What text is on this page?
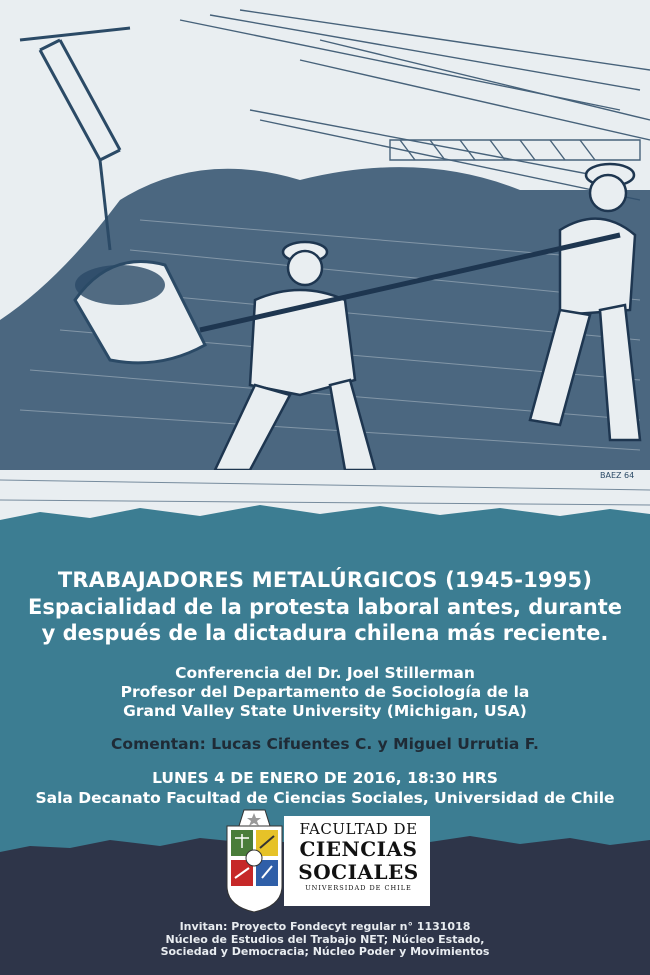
BAEZ 64
TRABAJADORES METALÚRGICOS (1945-1995)
Espacialidad de la protesta laboral antes, durante
y después de la dictadura chilena más reciente.
Conferencia del Dr. Joel Stillerman
Profesor del Departamento de Sociología de la
Grand Valley State University (Michigan, USA)
Comentan: Lucas Cifuentes C. y Miguel Urrutia F.
LUNES 4 DE ENERO DE 2016, 18:30 HRS
Sala Decanato Facultad de Ciencias Sociales, Universidad de Chile
FACULTAD DE
CIENCIAS
SOCIALES
UNIVERSIDAD DE CHILE
Invitan: Proyecto Fondecyt regular n° 1131018
Núcleo de Estudios del Trabajo NET; Núcleo Estado,
Sociedad y Democracia; Núcleo Poder y Movimientos
